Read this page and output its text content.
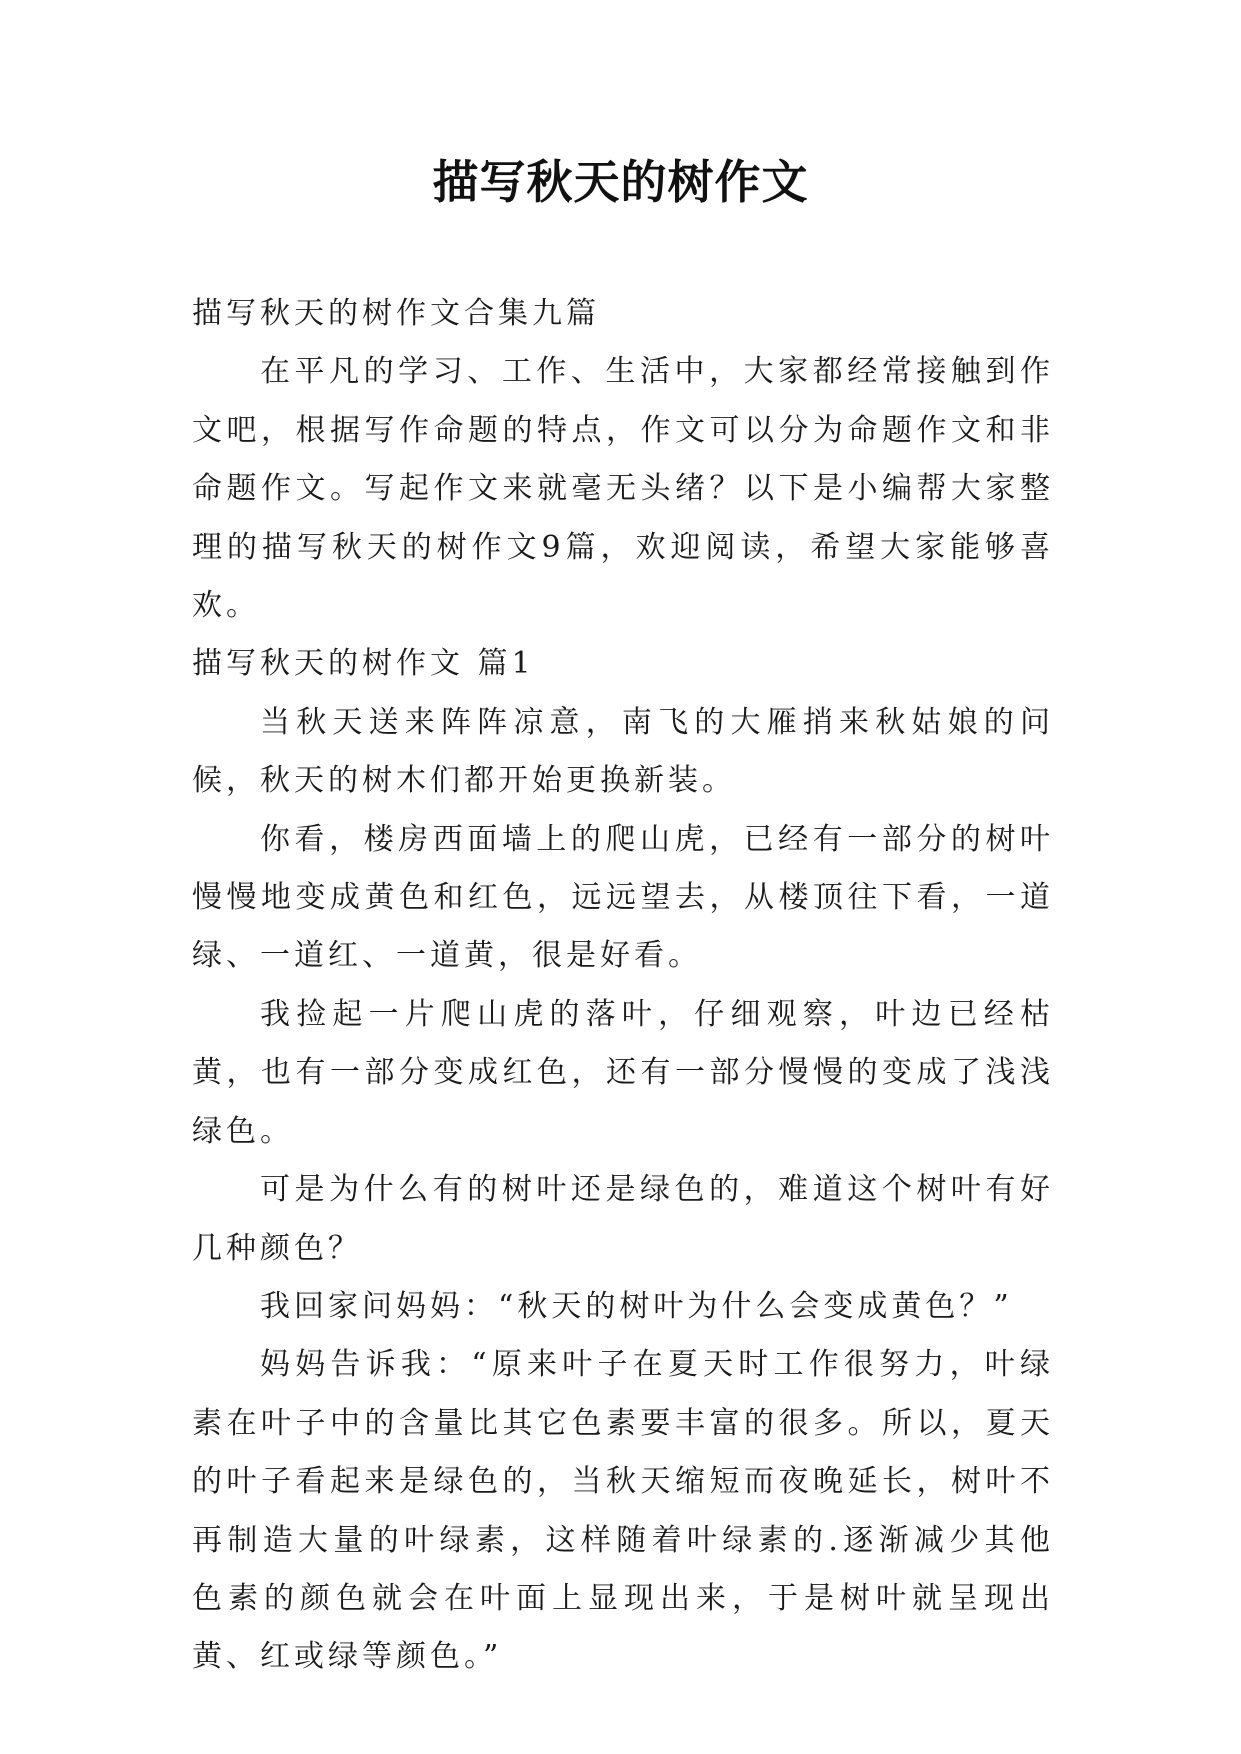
描写秋天的树作文

描写秋天的树作文合集九篇

在平凡的学习、工作、生活中，大家都经常接触到作文吧，根据写作命题的特点，作文可以分为命题作文和非命题作文。写起作文来就毫无头绪？以下是小编帮大家整理的描写秋天的树作文9篇，欢迎阅读，希望大家能够喜欢。

描写秋天的树作文 篇1

当秋天送来阵阵凉意，南飞的大雁捎来秋姑娘的问候，秋天的树木们都开始更换新装。

你看，楼房西面墙上的爬山虎，已经有一部分的树叶慢慢地变成黄色和红色，远远望去，从楼顶往下看，一道绿、一道红、一道黄，很是好看。

我捡起一片爬山虎的落叶，仔细观察，叶边已经枯黄，也有一部分变成红色，还有一部分慢慢的变成了浅浅绿色。

可是为什么有的树叶还是绿色的，难道这个树叶有好几种颜色？

我回家问妈妈：“秋天的树叶为什么会变成黄色？”

妈妈告诉我：“原来叶子在夏天时工作很努力，叶绿素在叶子中的含量比其它色素要丰富的很多。所以，夏天的叶子看起来是绿色的，当秋天缩短而夜晚延长，树叶不再制造大量的叶绿素，这样随着叶绿素的.逐渐减少其他色素的颜色就会在叶面上显现出来，于是树叶就呈现出黄、红或绿等颜色。”
